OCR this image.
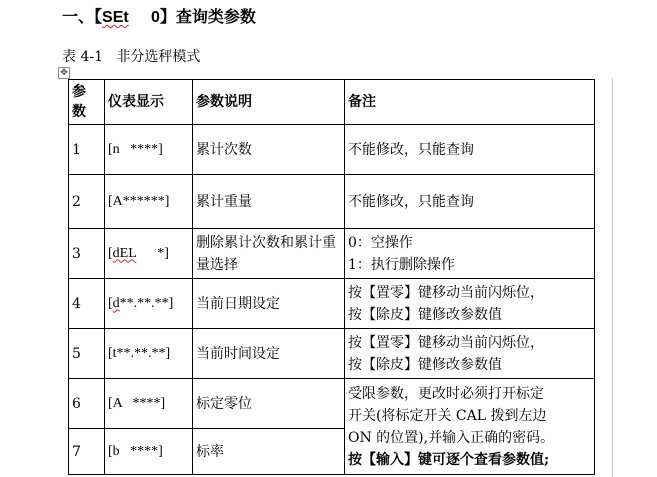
一、【SEt 0】查询类参数
表 4-1   非分选秤模式
✥
参
数	仪表显示	参数说明	备注
1	[n   ****]	累计次数	不能修改，只能查询
2	[A******]	累计重量	不能修改，只能查询
3	[dEL      *]	删除累计次数和累计重量选择	0：空操作
1：执行删除操作
4	[d**.**.**]	当前日期设定	按【置零】键移动当前闪烁位，
按【除皮】键修改参数值
5	[t**.**.**]	当前时间设定	按【置零】键移动当前闪烁位，
按【除皮】键修改参数值
6	[A   ****]	标定零位	受限参数，更改时必须打开标定
开关(将标定开关 CAL 拨到左边
ON 的位置),并输入正确的密码。
按【输入】键可逐个查看参数值;
7	[b   ****]	标率	
